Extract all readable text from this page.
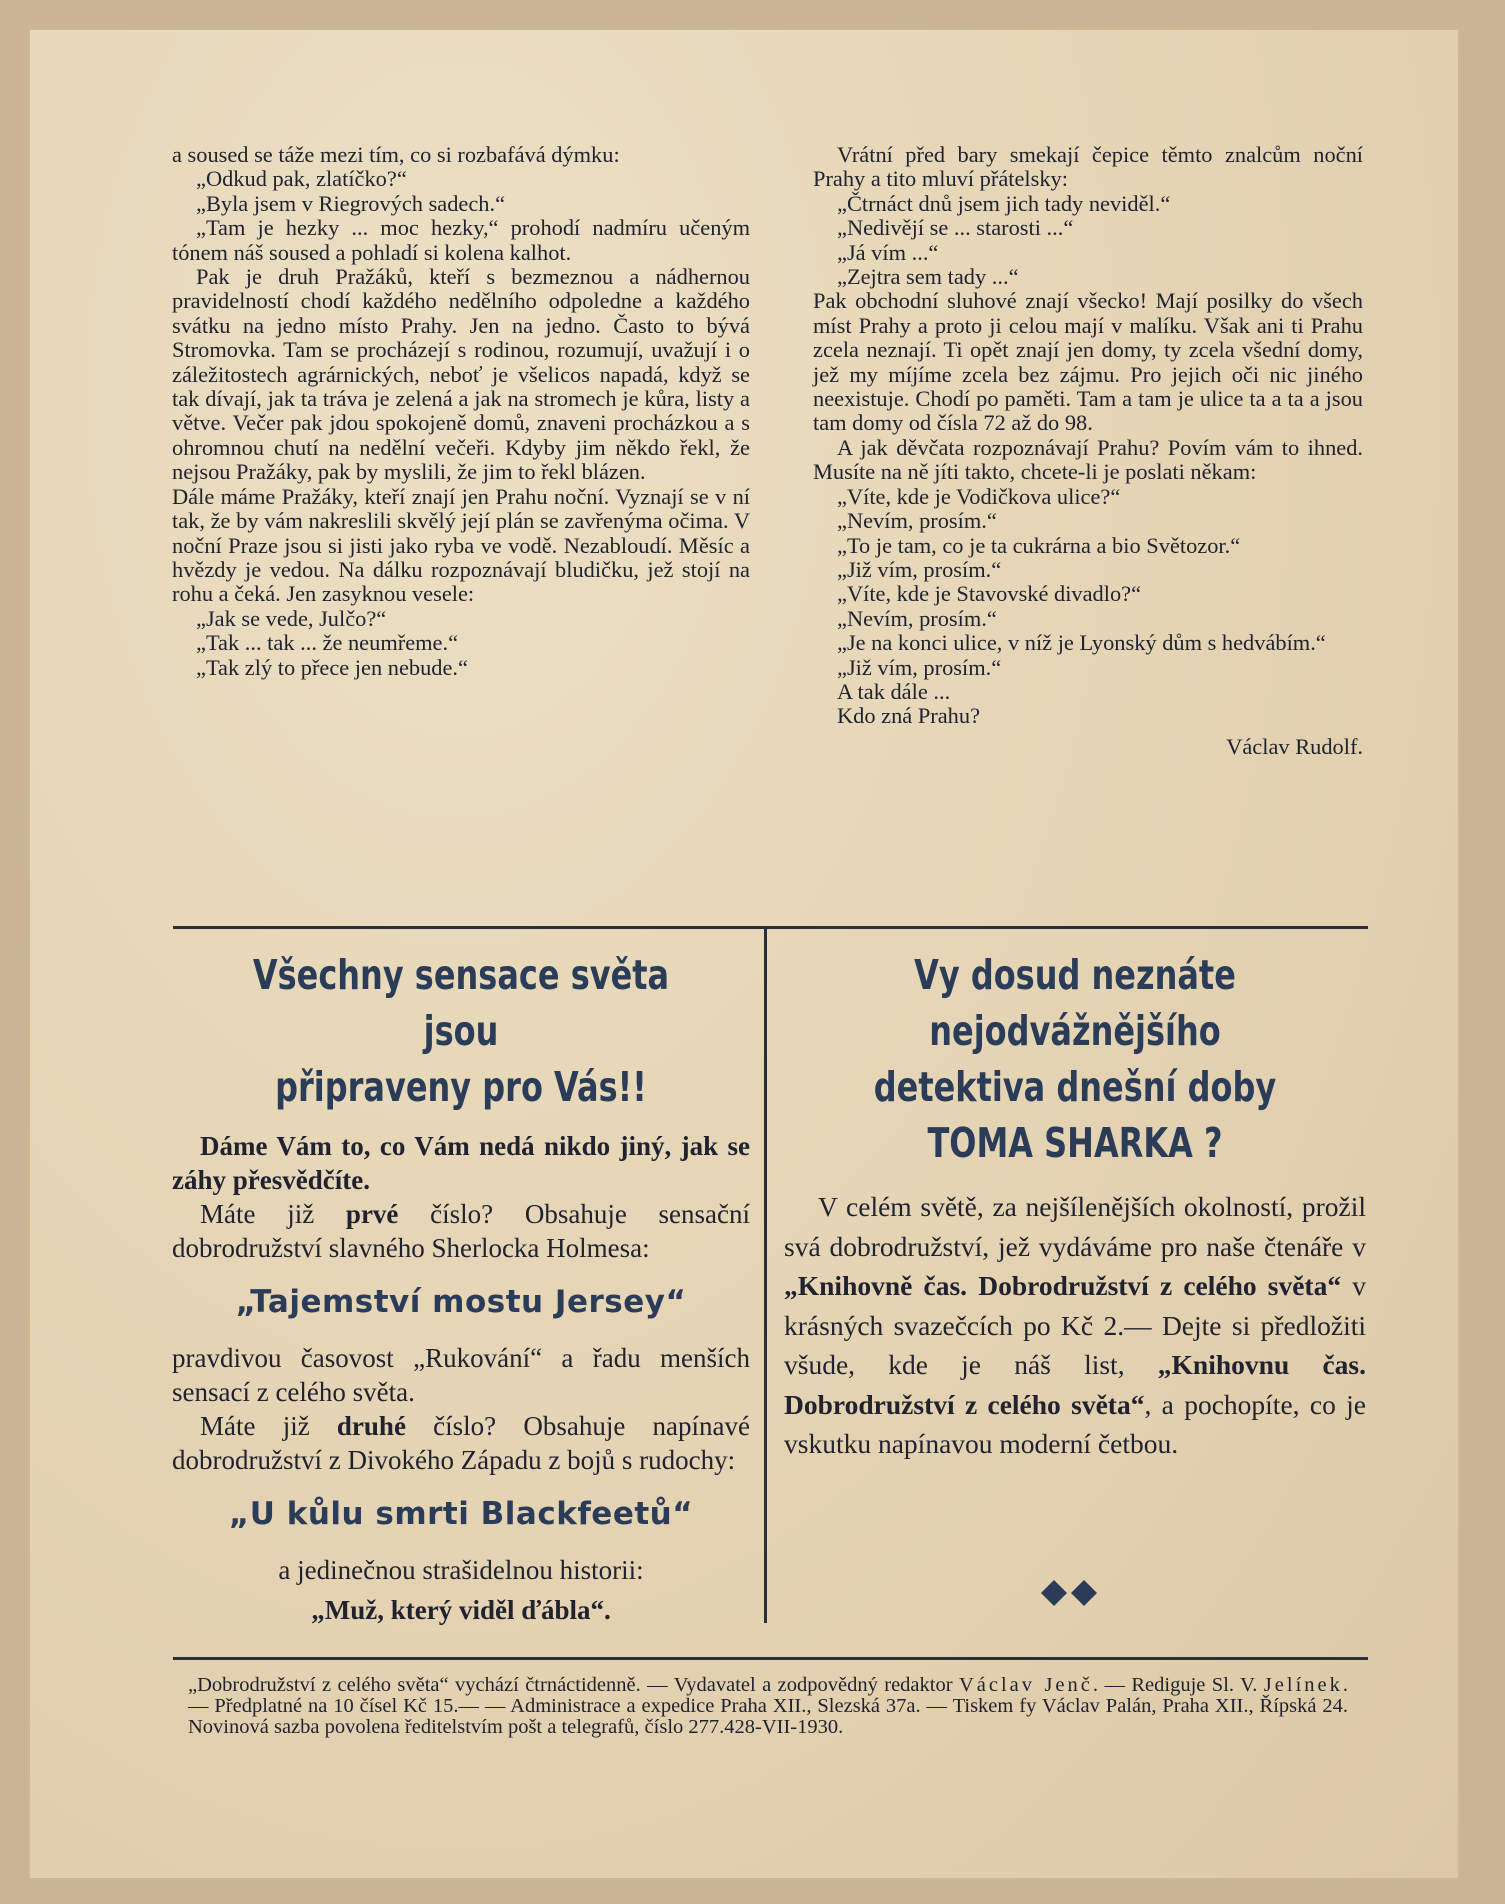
a soused se táže mezi tím, co si rozbafává dýmku:

„Odkud pak, zlatíčko?“

„Byla jsem v Riegrových sadech.“

„Tam je hezky ... moc hezky,“ prohodí nadmíru učeným tónem náš soused a pohladí si kolena kalhot.

Pak je druh Pražáků, kteří s bezmeznou a nádhernou pravidelností chodí každého nedělního odpoledne a každého svátku na jedno místo Prahy. Jen na jedno. Často to bývá Stromovka. Tam se procházejí s rodinou, rozumují, uvažují i o záležitostech agrárnických, neboť je všelicos napadá, když se tak dívají, jak ta tráva je zelená a jak na stromech je kůra, listy a větve. Večer pak jdou spokojeně domů, znaveni procházkou a s ohromnou chutí na nedělní večeři. Kdyby jim někdo řekl, že nejsou Pražáky, pak by myslili, že jim to řekl blázen.

Dále máme Pražáky, kteří znají jen Prahu noční. Vyznají se v ní tak, že by vám nakreslili skvělý její plán se zavřenýma očima. V noční Praze jsou si jisti jako ryba ve vodě. Nezabloudí. Měsíc a hvězdy je vedou. Na dálku rozpoznávají bludičku, jež stojí na rohu a čeká. Jen zasyknou vesele:

„Jak se vede, Julčo?“

„Tak ... tak ... že neumřeme.“

„Tak zlý to přece jen nebude.“

Vrátní před bary smekají čepice těmto znalcům noční Prahy a tito mluví přátelsky:

„Čtrnáct dnů jsem jich tady neviděl.“

„Nedivějí se ... starosti ...“

„Já vím ...“

„Zejtra sem tady ...“

Pak obchodní sluhové znají všecko! Mají posilky do všech míst Prahy a proto ji celou mají v malíku. Však ani ti Prahu zcela neznají. Ti opět znají jen domy, ty zcela všední domy, jež my míjíme zcela bez zájmu. Pro jejich oči nic jiného neexistuje. Chodí po paměti. Tam a tam je ulice ta a ta a jsou tam domy od čísla 72 až do 98.

A jak děvčata rozpoznávají Prahu? Povím vám to ihned. Musíte na ně jíti takto, chcete-li je poslati někam:

„Víte, kde je Vodičkova ulice?“

„Nevím, prosím.“

„To je tam, co je ta cukrárna a bio Světozor.“

„Již vím, prosím.“

„Víte, kde je Stavovské divadlo?“

„Nevím, prosím.“

„Je na konci ulice, v níž je Lyonský dům s hedvábím.“

„Již vím, prosím.“

A tak dále ...

Kdo zná Prahu?

Václav Rudolf.

Všechny sensace světa jsou
připraveny pro Vás!!

Dáme Vám to, co Vám nedá nikdo jiný, jak se záhy přesvědčíte.

Máte již prvé číslo? Obsahuje sensační dobrodružství slavného Sherlocka Holmesa:

„Tajemství mostu Jersey“

pravdivou časovost „Rukování“ a řadu menších sensací z celého světa.

Máte již druhé číslo? Obsahuje napínavé dobrodružství z Divokého Západu z bojů s rudochy:

„U kůlu smrti Blackfeetů“

a jedinečnou strašidelnou historii:

„Muž, který viděl ďábla“.

Vy dosud neznáte nejodvážnějšího
detektiva dnešní doby
TOMA SHARKA ?

V celém světě, za nejšílenějších okolností, prožil svá dobrodružství, jež vydáváme pro naše čtenáře v „Knihovně čas. Dobrodružství z celého světa“ v krásných svazečcích po Kč 2.— Dejte si předložiti všude, kde je náš list, „Knihovnu čas. Dobrodružství z celého světa“, a pochopíte, co je vskutku napínavou moderní četbou.

„Dobrodružství z celého světa“ vychází čtrnáctidenně. — Vydavatel a zodpovědný redaktor Václav Jenč. — Rediguje Sl. V. Jelínek. — Předplatné na 10 čísel Kč 15.— — Administrace a expedice Praha XII., Slezská 37a. — Tiskem fy Václav Palán, Praha XII., Řípská 24. Novinová sazba povolena ředitelstvím pošt a telegrafů, číslo 277.428-VII-1930.
